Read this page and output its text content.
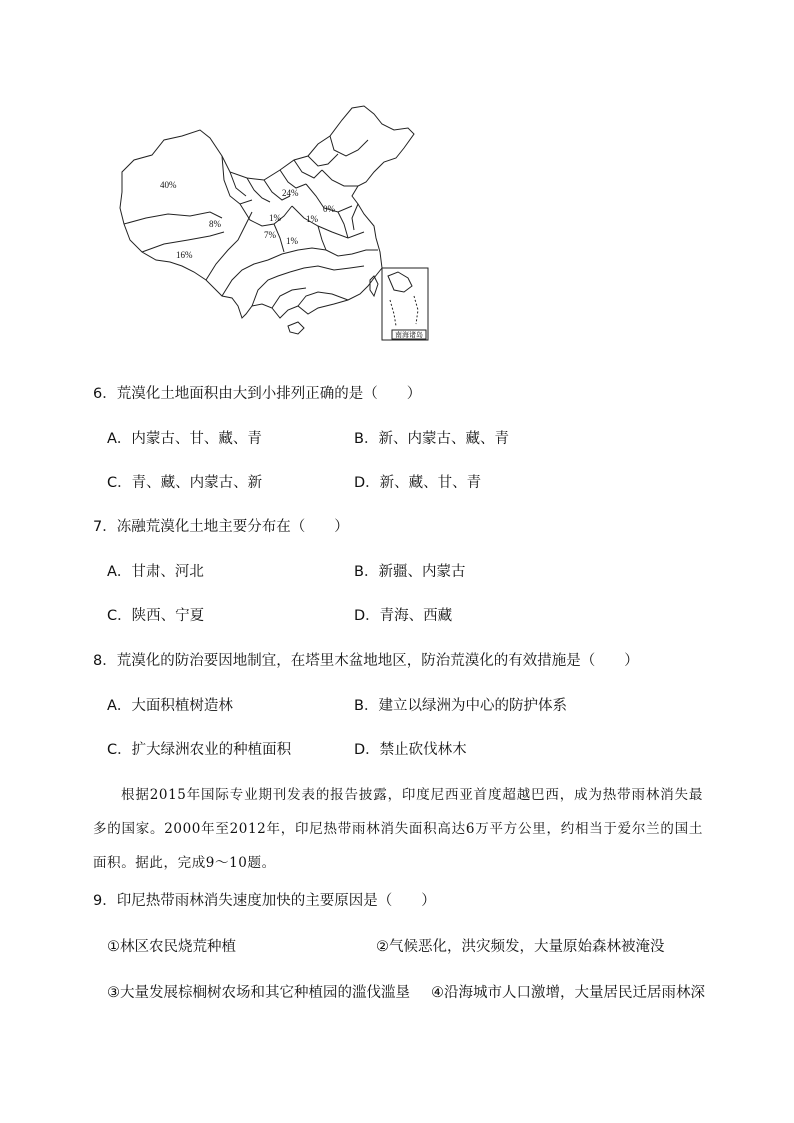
南海诸岛
40%
24%
8%
1%
7%
1%
1%
0%
16%
6．荒漠化土地面积由大到小排列正确的是（　　）
A．内蒙古、甘、藏、青	B．新、内蒙古、藏、青
C．青、藏、内蒙古、新	D．新、藏、甘、青
7．冻融荒漠化土地主要分布在（　　）
A．甘肃、河北	B．新疆、内蒙古
C．陕西、宁夏	D．青海、西藏
8．荒漠化的防治要因地制宜，在塔里木盆地地区，防治荒漠化的有效措施是（　　）
A．大面积植树造林	B．建立以绿洲为中心的防护体系
C．扩大绿洲农业的种植面积	D．禁止砍伐林木
根据2015年国际专业期刊发表的报告披露，印度尼西亚首度超越巴西，成为热带雨林消失最多的国家。2000年至2012年，印尼热带雨林消失面积高达6万平方公里，约相当于爱尔兰的国土面积。据此，完成9～10题。
9．印尼热带雨林消失速度加快的主要原因是（　　）
①林区农民烧荒种植	②气候恶化，洪灾频发，大量原始森林被淹没
③大量发展棕榈树农场和其它种植园的滥伐滥垦 ④沿海城市人口激增，大量居民迁居雨林深
